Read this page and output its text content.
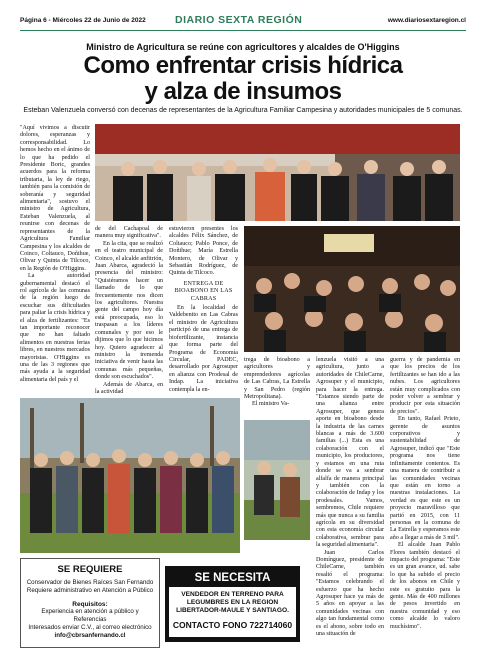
Página 6 - Miércoles 22 de Junio de 2022	DIARIO SEXTA REGIÓN	www.diariosextaregion.cl
Ministro de Agricultura se reúne con agricultores y alcaldes de O'Higgins
Como enfrentar crisis hídrica
y alza de insumos
Esteban Valenzuela conversó con decenas de representantes de la Agricultura Familiar Campesina y autoridades municipales de 5 comunas.

"Aquí vivimos a discutir dolores, esperanzas y corresponsabilidad. Lo hemos hecho en el ánimo de lo que ha pedido el Presidente Boric, grandes acuerdos para la reforma tributaria, la ley de riego, también para la comisión de soberanía y seguridad alimentaria", sostuvo el ministro de Agricultura, Esteban Valenzuela, al reunirse con decenas de representantes de la Agricultura Familiar Campesina y los alcaldes de Coinco, Coltauco, Doñihue, Olivar y Quinta de Tilcoco, en la Región de O'Higgins.

La autoridad gubernamental destacó el rol agrícola de las comunas de la región luego de escuchar sus dificultades para paliar la crisis hídrica y el alza de fertilizantes: "Es tan importante reconocer que no han faltado alimentos en nuestras ferias libres, en nuestros mercados mayoristas. O'Higgins es una de las 3 regiones que más ayuda a la seguridad alimentaria del país y el

de del Cachapoal de manera muy significativa".

En la cita, que se realizó en el teatro municipal de Coinco, el alcalde anfitrión, Juan Abarca, agradeció la presencia del ministro: "Quisiéramos hacer un llamado de lo que frecuentemente nos dicen los agricultores. Nuestra gente del campo hoy día está preocupada, eso lo traspasan a los líderes comunales y por eso le dijimos que lo que hicimos hoy. Quiero agradecer al ministro la tremenda iniciativa de venir hasta las comunas más pequeñas, donde son escuchados".

Además de Abarca, en la actividad

estuvieron presentes los alcaldes Félix Sánchez, de Coltauco; Pablo Ponce, de Doñihue; María Estrella Montero, de Olivar y Sebastián Rodríguez, de Quinta de Tilcoco.

ENTREGA DE BIOABONO EN LAS CABRAS

En la localidad de Valdebenito en Las Cabras el ministro de Agricultura participó de una entrega de biofertilizante, instancia que forma parte del Programa de Economía Circular, PADEC, desarrollado por Agrosuper en alianza con Prodesal de Indap. La iniciativa contempla la en-

trega de bioabono a agricultores y emprendedores agrícolas de Las Cabras, La Estrella y San Pedro (región Metropolitana).

El ministro Va-

lenzuela visitó a una agricultura, junto a autoridades de ChileCarne, Agrosuper y el municipio, para hacer la entrega. "Estamos siendo parte de una alianza entre Agrosuper, que genera aporte en bioabono desde la industria de las carnes blancas a más de 3.600 familias (...) Esta es una colaboración con el municipio, los productores, y estamos en una ruta donde se va a sembrar alfalfa de manera principal y también con la colaboración de Indap y los prodesales. Vamos, sembremos, Chile requiere más que nunca a su familia agrícola en su diversidad con esta economía circular colaborativa, sembrar para la seguridad alimentaria".

Juan Carlos Domínguez, presidente de ChileCarne, también resaltó el programa: "Estamos celebrando el esfuerzo que ha hecho Agrosuper hace ya más de 5 años en apoyar a las comunidades vecinas con algo tan fundamental como es el abono, sobre todo en una situación de

guerra y de pandemia en que los precios de los fertilizantes se han ido a las nubes. Los agricultores están muy complicados con poder volver a sembrar y producir por esta situación de precios".

En tanto, Rafael Prieto, gerente de asuntos corporativos y sustentabilidad de Agrosuper, indicó que "Este programa nos tiene infinitamente contentos. Es una manera de contribuir a las comunidades vecinas que están en torno a nuestras instalaciones. La verdad es que este es un proyecto maravilloso que partió en 2015, con 11 personas en la comuna de La Estrella y esperamos este año a llegar a más de 3 mil".

El alcalde Juan Pablo Flores también destacó el impacto del programa: "Este es un gran avance, ud. sabe lo que ha subido el precio de los abonos en Chile y este es gratuito para la gente. Más de 400 millones de pesos invertido en nuestra comunidad y eso como alcalde lo valoro muchísimo".

SE REQUIERE
Conservador de Bienes Raíces San Fernando
Requiere administrativo en Atención a Público
Requisitos:
Experiencia en atención a público y Referencias
Interesados enviar C.V., al correo electrónico
info@cbrsanfernando.cl
SE NECESITA
VENDEDOR EN TERRENO PARA LEGUMBRES EN LA REGION LIBERTADOR-MAULE Y SANTIAGO.
CONTACTO FONO 722714060
